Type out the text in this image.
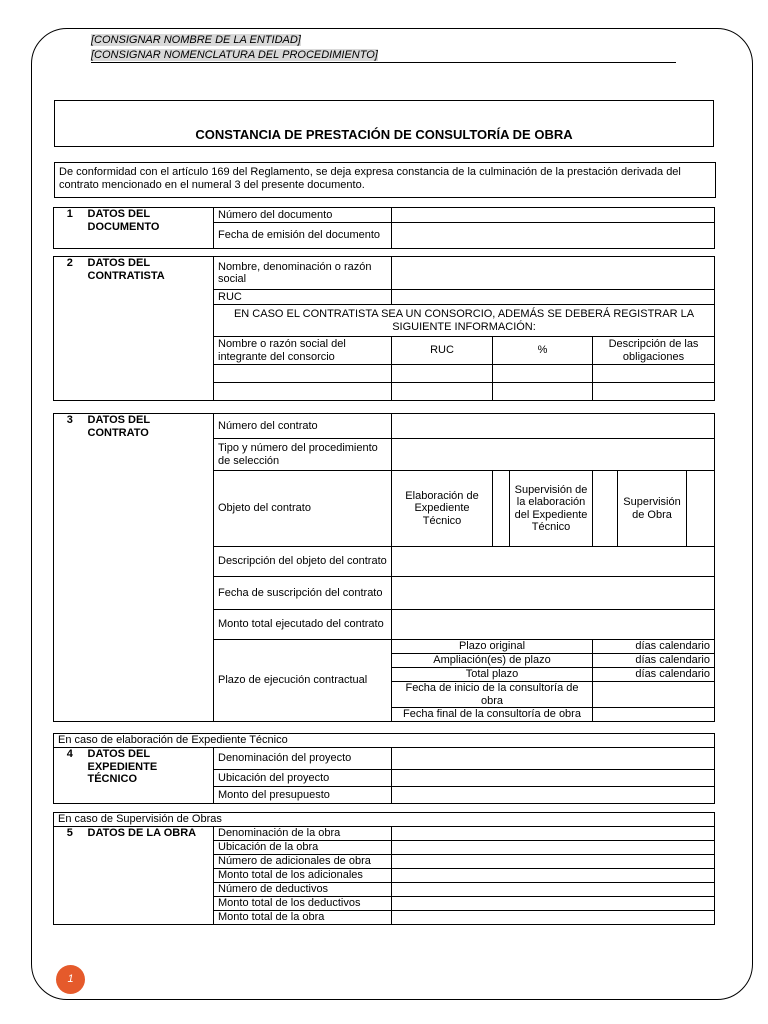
[CONSIGNAR NOMBRE DE LA ENTIDAD]
[CONSIGNAR NOMENCLATURA DEL PROCEDIMIENTO]
CONSTANCIA DE PRESTACIÓN DE CONSULTORÍA DE OBRA
De conformidad con el artículo 169 del Reglamento, se deja expresa constancia de la culminación de la prestación derivada del contrato mencionado en el numeral 3 del presente documento.
1	DATOS DEL DOCUMENTO	Número del documento	
		Fecha de emisión del documento	
2	DATOS DEL CONTRATISTA	Nombre, denominación o razón social			
		RUC			
		EN CASO EL CONTRATISTA SEA UN CONSORCIO, ADEMÁS SE DEBERÁ REGISTRAR LA SIGUIENTE INFORMACIÓN:			
		Nombre o razón social del integrante del consorcio	RUC	%	Descripción de las obligaciones

3	DATOS DEL CONTRATO	Número del contrato						
		Tipo y número del procedimiento de selección						
		Objeto del contrato	Elaboración de Expediente Técnico		Supervisión de la elaboración del Expediente Técnico		Supervisión de Obra	
		Descripción del objeto del contrato						
		Fecha de suscripción del contrato						
		Monto total ejecutado del contrato						
		Plazo de ejecución contractual	Plazo original			días calendario		
			Ampliación(es) de plazo			días calendario		
			Total plazo			días calendario		
			Fecha de inicio de la consultoría de obra					
			Fecha final de la consultoría de obra					
En caso de elaboración de Expediente Técnico			
4	DATOS DEL EXPEDIENTE TÉCNICO	Denominación del proyecto	
		Ubicación del proyecto	
		Monto del presupuesto	
En caso de Supervisión de Obras			
5	DATOS DE LA OBRA	Denominación de la obra	
		Ubicación de la obra	
		Número de adicionales de obra	
		Monto total de los adicionales	
		Número de deductivos	
		Monto total de los deductivos	
		Monto total de la obra	
1
